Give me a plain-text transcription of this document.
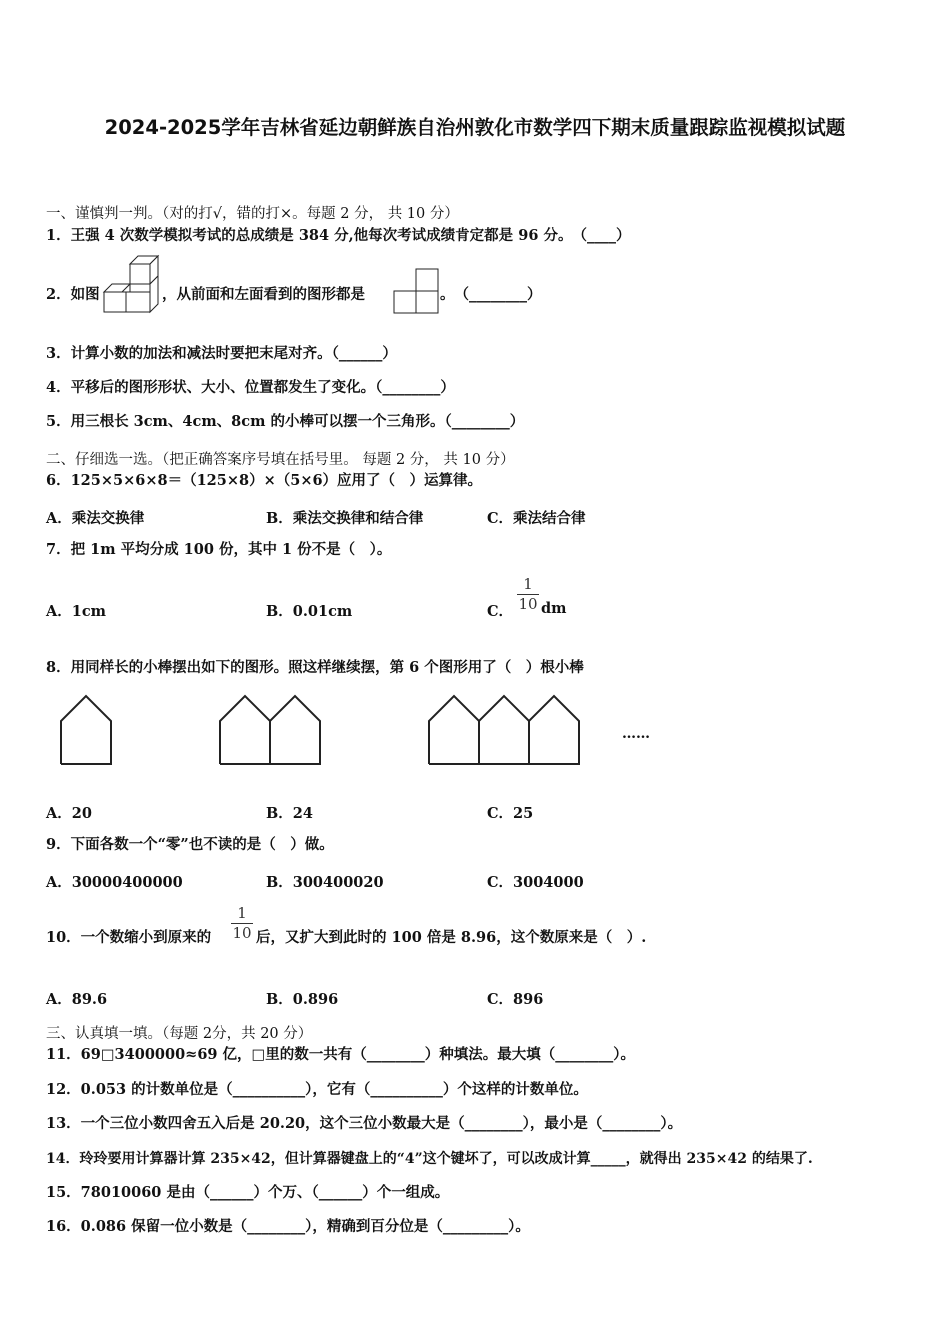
2024-2025学年吉林省延边朝鲜族自治州敦化市数学四下期末质量跟踪监视模拟试题
一、谨慎判一判。（对的打√，错的打×。每题 2 分， 共 10 分）
1．王强 4 次数学模拟考试的总成绩是 384 分,他每次考试成绩肯定都是 96 分。　（____）
2．如图	，从前面和左面看到的图形都是	。　（________）
3．计算小数的加法和减法时要把末尾对齐。（______）
4．平移后的图形形状、大小、位置都发生了变化。（________）
5．用三根长 3cm、4cm、8cm 的小棒可以摆一个三角形。（________）
二、仔细选一选。（把正确答案序号填在括号里。 每题 2 分， 共 10 分）
6．125×5×6×8＝（125×8）×（5×6）应用了（　）运算律。
A．乘法交换律	B．乘法交换律和结合律	C．乘法结合律
7．把 1m 平均分成 100 份，其中 1 份不是（　）。
A．1cm	B．0.01cm	C．
1
10 dm
8．用同样长的小棒摆出如下的图形。照这样继续摆，第 6 个图形用了（　）根小棒
……
A．20	B．24	C．25
9．下面各数一个“零”也不读的是（　）做。
A．30000400000	B．300400020	C．3004000
10．一个数缩小到原来的
1
10 后，又扩大到此时的 100 倍是 8.96，这个数原来是（　）.
A．89.6	B．0.896	C．896
三、认真填一填。（每题 2分，共 20 分）
11．69□3400000≈69 亿，□里的数一共有（________）种填法。最大填（________）。
12．0.053 的计数单位是（__________），它有（__________）个这样的计数单位。
13．一个三位小数四舍五入后是 20.20，这个三位小数最大是（________），最小是（________）。
14．玲玲要用计算器计算 235×42，但计算器键盘上的“4”这个键坏了，可以改成计算_____，就得出 235×42 的结果了.
15．78010060 是由（______）个万、（______）个一组成。
16．0.086 保留一位小数是（________），精确到百分位是（_________）。
